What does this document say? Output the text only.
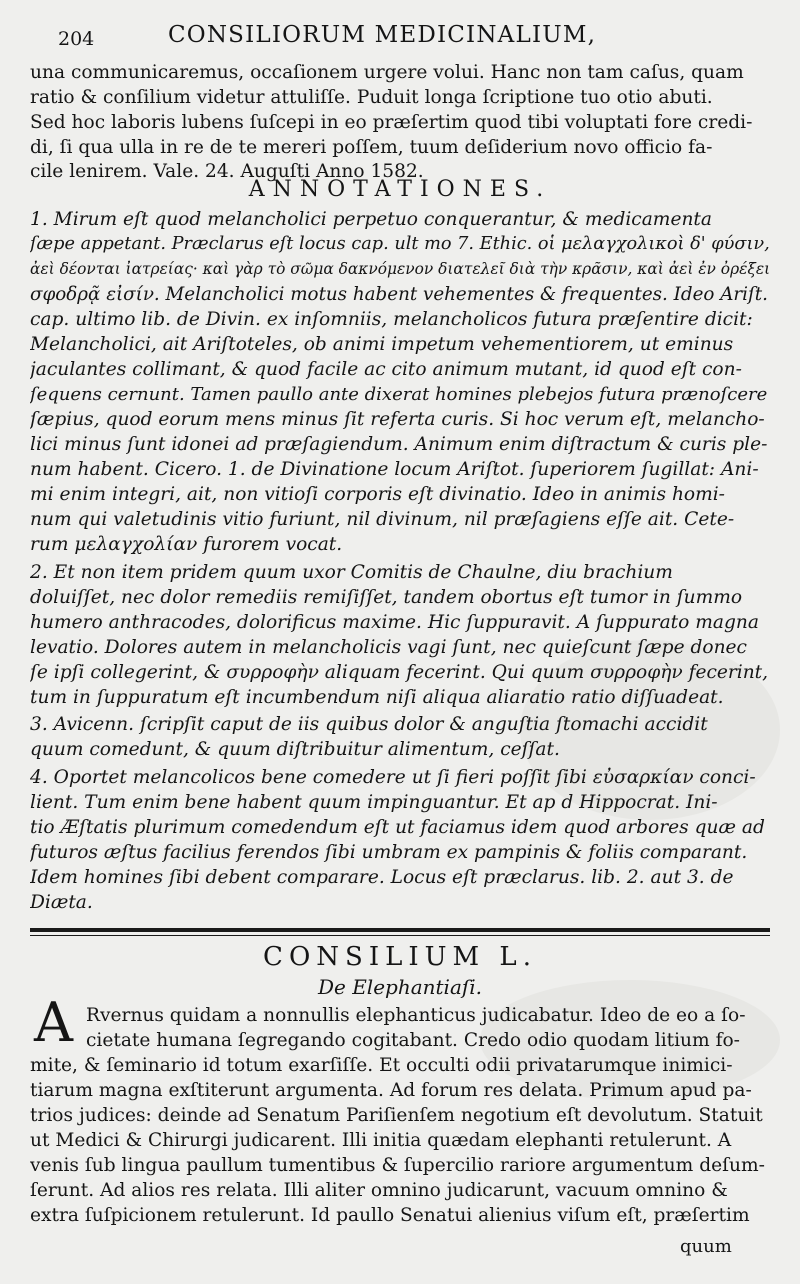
204	CONSILIORUM MEDICINALIUM,
una communicaremus, occaſionem urgere volui. Hanc non tam caſus, quam
ratio & conſilium videtur attuliſſe. Puduit longa ſcriptione tuo otio abuti.
Sed hoc laboris lubens ſuſcepi in eo præſertim quod tibi voluptati fore credi-
di, ſi qua ulla in re de te mereri poſſem, tuum deſiderium novo officio fa-
cile lenirem. Vale. 24. Auguſti Anno 1582.
ANNOTATIONES.
1. Mirum eſt quod melancholici perpetuo conquerantur, & medicamenta
ſæpe appetant. Præclarus eſt locus cap. ult mo 7. Ethic. οἱ μελαγχολικοὶ δ' φύσιν,
ἀεὶ δέονται ἰατρείας· καὶ γὰρ τὸ σῶμα δακνόμενον διατελεῖ διὰ τὴν κρᾶσιν, καὶ ἀεὶ ἐν ὀρέξει
σφοδρᾷ εἰσίν. Melancholici motus habent vehementes & frequentes. Ideo Ariſt.
cap. ultimo lib. de Divin. ex inſomniis, melancholicos futura præſentire dicit:
Melancholici, ait Ariſtoteles, ob animi impetum vehementiorem, ut eminus
jaculantes collimant, & quod facile ac cito animum mutant, id quod eſt con-
ſequens cernunt. Tamen paullo ante dixerat homines plebejos futura prænoſcere
ſæpius, quod eorum mens minus ſit referta curis. Si hoc verum eſt, melancho-
lici minus ſunt idonei ad præſagiendum. Animum enim diſtractum & curis ple-
num habent. Cicero. 1. de Divinatione locum Ariſtot. ſuperiorem ſugillat: Ani-
mi enim integri, ait, non vitioſi corporis eſt divinatio. Ideo in animis homi-
num qui valetudinis vitio furiunt, nil divinum, nil præſagiens eſſe ait. Cete-
rum μελαγχολίαν furorem vocat.
2. Et non item pridem quum uxor Comitis de Chaulne, diu brachium
doluiſſet, nec dolor remediis remiſiſſet, tandem obortus eſt tumor in ſummo
humero anthracodes, dolorificus maxime. Hic ſuppuravit. A ſuppurato magna
levatio. Dolores autem in melancholicis vagi ſunt, nec quieſcunt ſæpe donec
ſe ipſi collegerint, & συρροφὴν aliquam fecerint. Qui quum συρροφὴν fecerint,
tum in ſuppuratum eſt incumbendum niſi aliqua aliaratio ratio diſſuadeat.
3. Avicenn. ſcripſit caput de iis quibus dolor & anguſtia ſtomachi accidit
quum comedunt, & quum diſtribuitur alimentum, ceſſat.
4. Oportet melancolicos bene comedere ut ſi fieri poſſit ſibi εὐσαρκίαν conci-
lient. Tum enim bene habent quum impinguantur. Et ap d Hippocrat. Ini-
tio Æſtatis plurimum comedendum eſt ut faciamus idem quod arbores quæ ad
futuros æſtus facilius ferendos ſibi umbram ex pampinis & foliis comparant.
Idem homines ſibi debent comparare. Locus eſt præclarus. lib. 2. aut 3. de
Diæta.
CONSILIUM L.
De Elephantiaſi.
A Rvernus quidam a nonnullis elephanticus judicabatur. Ideo de eo a ſo-
cietate humana ſegregando cogitabant. Credo odio quodam litium fo-
mite, & ſeminario id totum exarſiſſe. Et occulti odii privatarumque inimici-
tiarum magna exſtiterunt argumenta. Ad forum res delata. Primum apud pa-
trios judices: deinde ad Senatum Pariſienſem negotium eſt devolutum. Statuit
ut Medici & Chirurgi judicarent. Illi initia quædam elephanti retulerunt. A
venis ſub lingua paullum tumentibus & ſupercilio rariore argumentum deſum-
ſerunt. Ad alios res relata. Illi aliter omnino judicarunt, vacuum omnino &
extra ſuſpicionem retulerunt. Id paullo Senatui alienius viſum eſt, præſertim
quum
